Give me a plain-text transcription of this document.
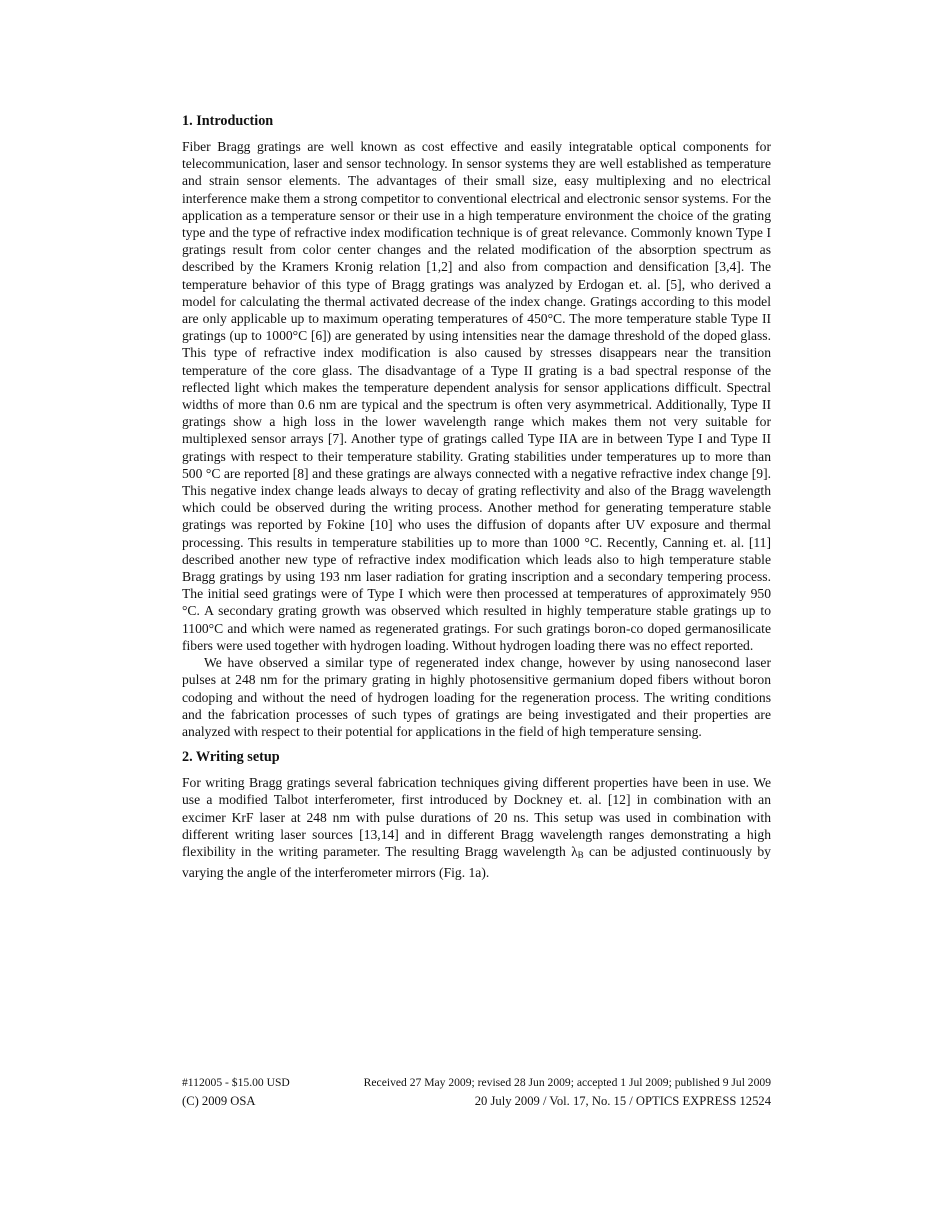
1. Introduction

Fiber Bragg gratings are well known as cost effective and easily integratable optical components for telecommunication, laser and sensor technology. In sensor systems they are well established as temperature and strain sensor elements. The advantages of their small size, easy multiplexing and no electrical interference make them a strong competitor to conventional electrical and electronic sensor systems. For the application as a temperature sensor or their use in a high temperature environment the choice of the grating type and the type of refractive index modification technique is of great relevance. Commonly known Type I gratings result from color center changes and the related modification of the absorption spectrum as described by the Kramers Kronig relation [1,2] and also from compaction and densification [3,4]. The temperature behavior of this type of Bragg gratings was analyzed by Erdogan et. al. [5], who derived a model for calculating the thermal activated decrease of the index change. Gratings according to this model are only applicable up to maximum operating temperatures of 450°C. The more temperature stable Type II gratings (up to 1000°C [6]) are generated by using intensities near the damage threshold of the doped glass. This type of refractive index modification is also caused by stresses disappears near the transition temperature of the core glass. The disadvantage of a Type II grating is a bad spectral response of the reflected light which makes the temperature dependent analysis for sensor applications difficult. Spectral widths of more than 0.6 nm are typical and the spectrum is often very asymmetrical. Additionally, Type II gratings show a high loss in the lower wavelength range which makes them not very suitable for multiplexed sensor arrays [7]. Another type of gratings called Type IIA are in between Type I and Type II gratings with respect to their temperature stability. Grating stabilities under temperatures up to more than 500 °C are reported [8] and these gratings are always connected with a negative refractive index change [9]. This negative index change leads always to decay of grating reflectivity and also of the Bragg wavelength which could be observed during the writing process. Another method for generating temperature stable gratings was reported by Fokine [10] who uses the diffusion of dopants after UV exposure and thermal processing. This results in temperature stabilities up to more than 1000 °C. Recently, Canning et. al. [11] described another new type of refractive index modification which leads also to high temperature stable Bragg gratings by using 193 nm laser radiation for grating inscription and a secondary tempering process. The initial seed gratings were of Type I which were then processed at temperatures of approximately 950 °C. A secondary grating growth was observed which resulted in highly temperature stable gratings up to 1100°C and which were named as regenerated gratings. For such gratings boron-co doped germanosilicate fibers were used together with hydrogen loading. Without hydrogen loading there was no effect reported.

We have observed a similar type of regenerated index change, however by using nanosecond laser pulses at 248 nm for the primary grating in highly photosensitive germanium doped fibers without boron codoping and without the need of hydrogen loading for the regeneration process. The writing conditions and the fabrication processes of such types of gratings are being investigated and their properties are analyzed with respect to their potential for applications in the field of high temperature sensing.

2. Writing setup

For writing Bragg gratings several fabrication techniques giving different properties have been in use. We use a modified Talbot interferometer, first introduced by Dockney et. al. [12] in combination with an excimer KrF laser at 248 nm with pulse durations of 20 ns. This setup was used in combination with different writing laser sources [13,14] and in different Bragg wavelength ranges demonstrating a high flexibility in the writing parameter. The resulting Bragg wavelength $\lambda_B$ can be adjusted continuously by varying the angle of the interferometer mirrors (Fig. 1a).

#112005 - $15.00 USD	Received 27 May 2009; revised 28 Jun 2009; accepted 1 Jul 2009; published 9 Jul 2009
(C) 2009 OSA	20 July 2009 / Vol. 17, No. 15 / OPTICS EXPRESS 12524
